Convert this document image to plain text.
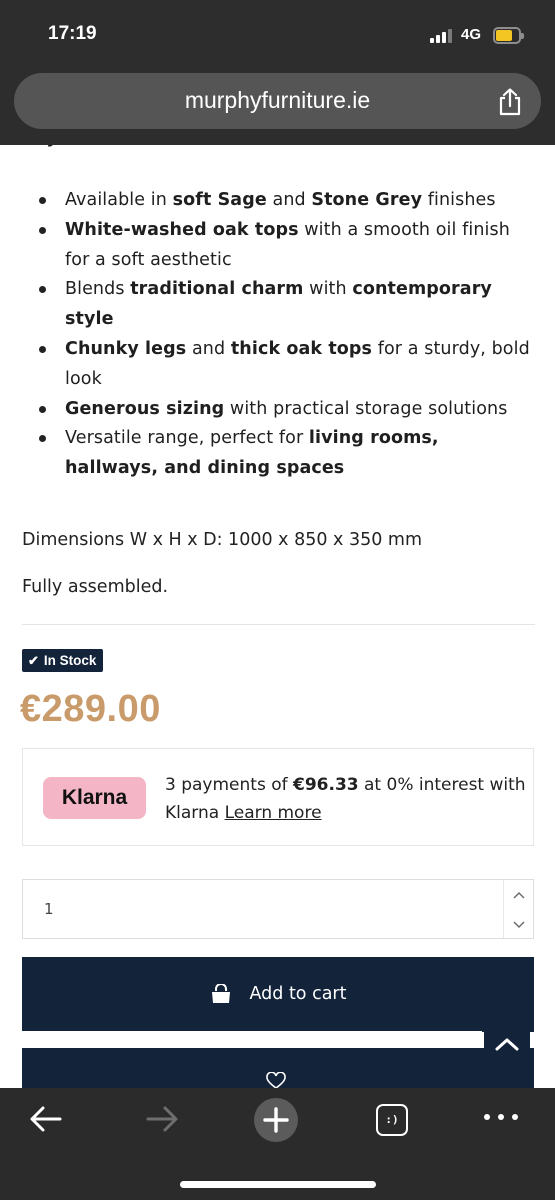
17:19	4G
murphyfurniture.ie
Available in soft Sage and Stone Grey finishes
White-washed oak tops with a smooth oil finish for a soft aesthetic
Blends traditional charm with contemporary style
Chunky legs and thick oak tops for a sturdy, bold look
Generous sizing with practical storage solutions
Versatile range, perfect for living rooms, hallways, and dining spaces
Dimensions W x H x D: 1000 x 850 x 350 mm
Fully assembled.
✔ In Stock
€289.00
Klarna
3 payments of €96.33 at 0% interest with Klarna Learn more
1
Add to cart
:)
